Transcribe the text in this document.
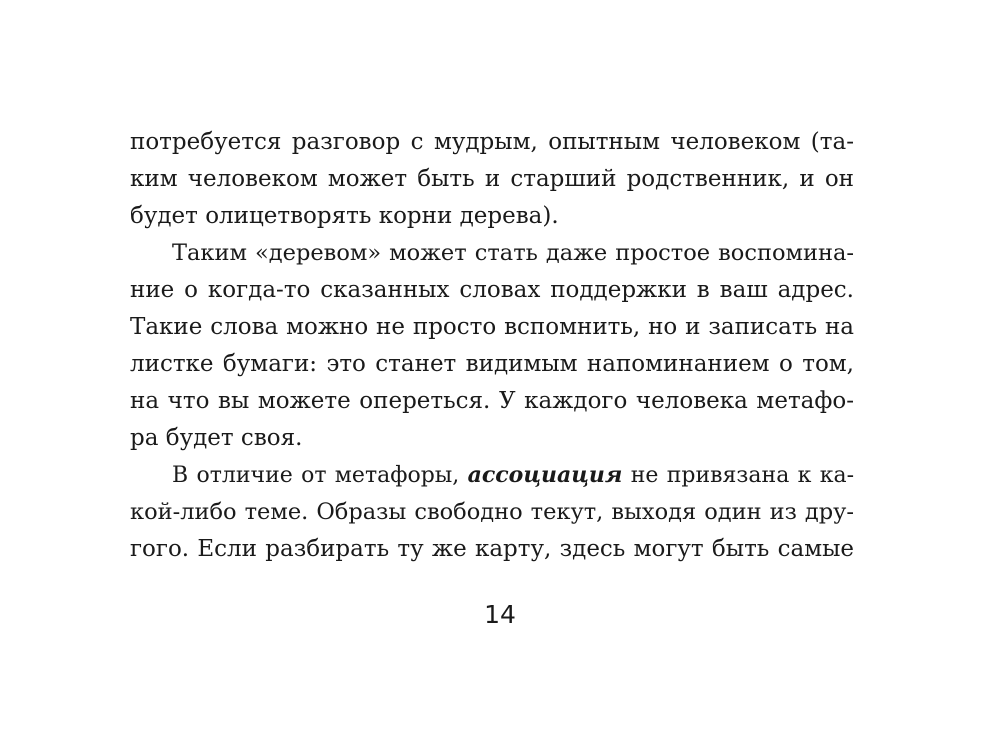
потребуется разговор с мудрым, опытным человеком (та-
ким человеком может быть и старший родственник, и он
будет олицетворять корни дерева).
Таким «деревом» может стать даже простое воспомина-
ние о когда-то сказанных словах поддержки в ваш адрес.
Такие слова можно не просто вспомнить, но и записать на
листке бумаги: это станет видимым напоминанием о том,
на что вы можете опереться. У каждого человека метафо-
ра будет своя.
В отличие от метафоры, ассоциация не привязана к ка-
кой-либо теме. Образы свободно текут, выходя один из дру-
гого. Если разбирать ту же карту, здесь могут быть самые
14
